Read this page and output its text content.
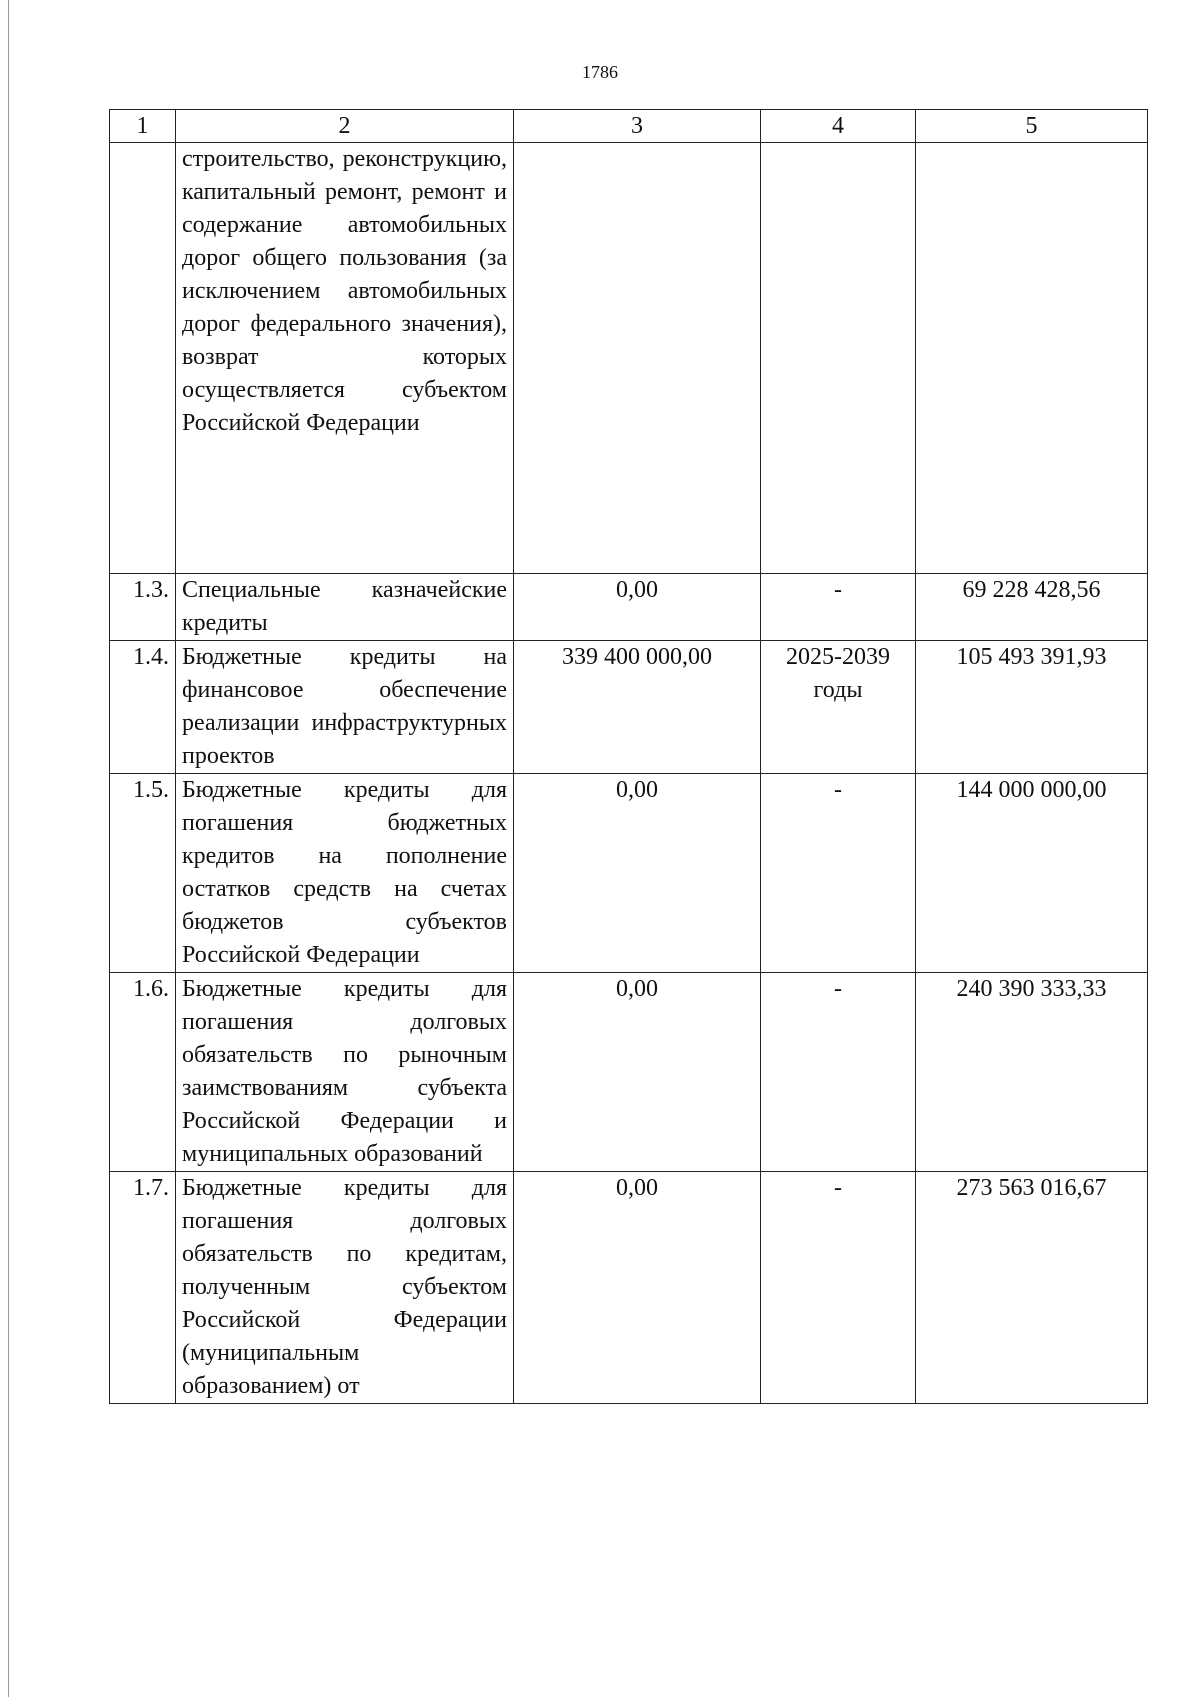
1786
1	2	3	4	5
	строительство, реконструкцию, капитальный ремонт, ремонт и содержание автомобильных дорог общего пользования (за исключением автомобильных дорог федерального значения), возврат которых осуществляется субъектом Российской Федерации			
1.3.	Специальные казначейские кредиты	0,00	-	69 228 428,56
1.4.	Бюджетные кредиты на финансовое обеспечение реализации инфраструктурных проектов	339 400 000,00	2025-2039 годы	105 493 391,93
1.5.	Бюджетные кредиты для погашения бюджетных кредитов на пополнение остатков средств на счетах бюджетов субъектов Российской Федерации	0,00	-	144 000 000,00
1.6.	Бюджетные кредиты для погашения долговых обязательств по рыночным заимствованиям субъекта Российской Федерации и муниципальных образований	0,00	-	240 390 333,33
1.7.	Бюджетные кредиты для погашения долговых обязательств по кредитам, полученным субъектом Российской Федерации (муниципальным образованием) от	0,00	-	273 563 016,67
